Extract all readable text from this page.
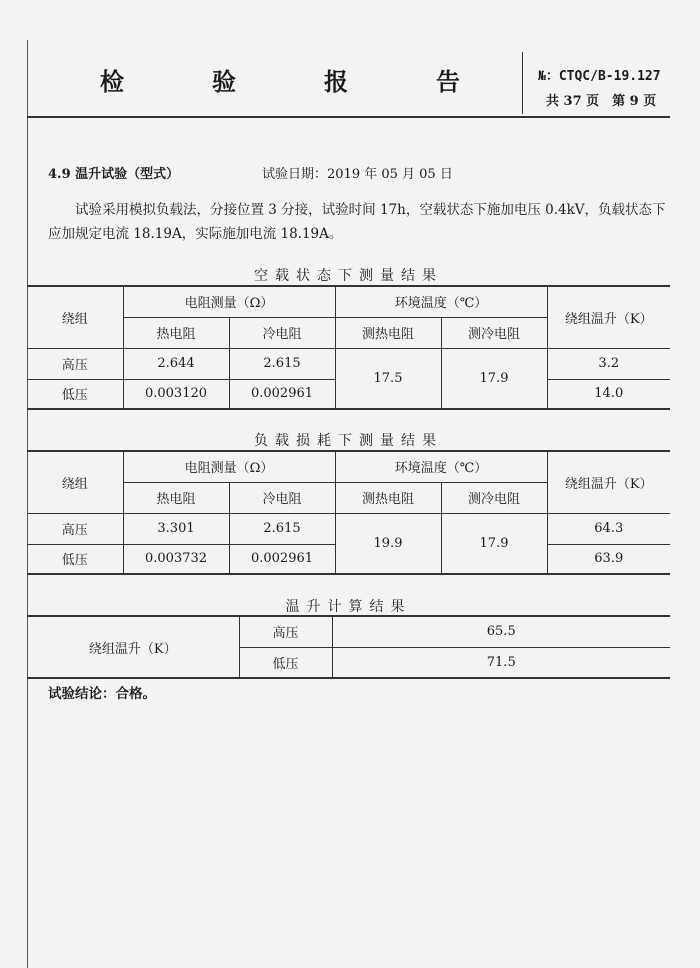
检	验	报	告	№：CTQC/B-19.127
共 37 页　第 9 页
4.9 温升试验（型式）	试验日期：2019 年 05 月 05 日
试验采用模拟负载法，分接位置 3 分接，试验时间 17h，空载状态下施加电压 0.4kV，负载状态下应加规定电流 18.19A，实际施加电流 18.19A。
空载状态下测量结果
绕组	电阻测量（Ω）		环境温度（℃）		绕组温升（K）
	热电阻	冷电阻	测热电阻	测冷电阻	
高压	2.644	2.615	17.5	17.9	3.2
低压	0.003120	0.002961			14.0
负载损耗下测量结果
绕组	电阻测量（Ω）		环境温度（℃）		绕组温升（K）
	热电阻	冷电阻	测热电阻	测冷电阻	
高压	3.301	2.615	19.9	17.9	64.3
低压	0.003732	0.002961			63.9
温升计算结果
绕组温升（K）	高压	65.5
	低压	71.5
试验结论：合格。
